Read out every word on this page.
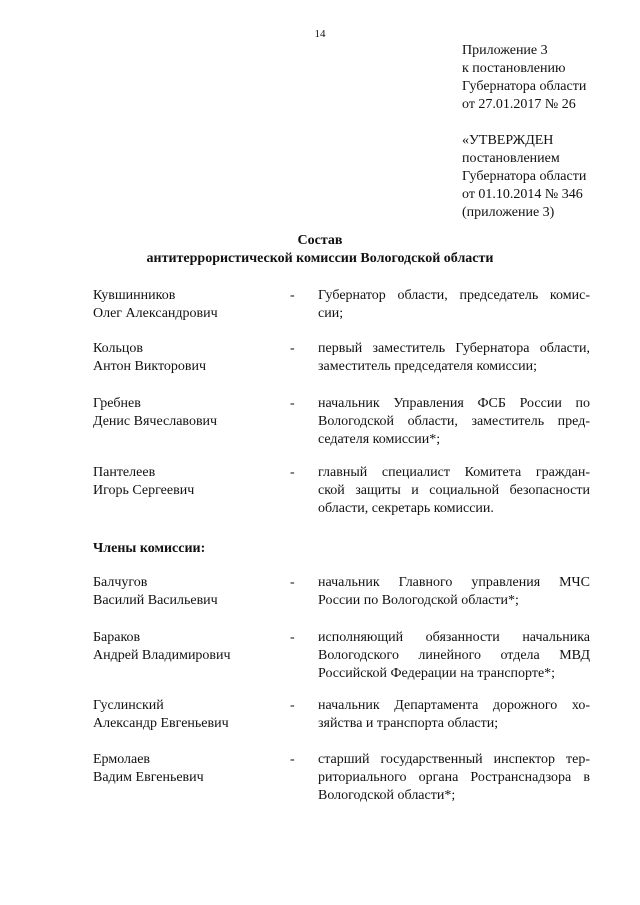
14
Приложение 3
к постановлению
Губернатора области
от 27.01.2017 № 26
«УТВЕРЖДЕН
постановлением
Губернатора области
от 01.10.2014 № 346
(приложение 3)
Состав
антитеррористической комиссии Вологодской области
Кувшинников
Олег Александрович
- Губернатор области, председатель комис-
сии;
Кольцов
Антон Викторович
- первый заместитель Губернатора области,
заместитель председателя комиссии;
Гребнев
Денис Вячеславович
- начальник Управления ФСБ России по
Вологодской области, заместитель пред-
седателя комиссии*;
Пантелеев
Игорь Сергеевич
- главный специалист Комитета граждан-
ской защиты и социальной безопасности
области, секретарь комиссии.
Члены комиссии:
Балчугов
Василий Васильевич
- начальник Главного управления МЧС
России по Вологодской области*;
Бараков
Андрей Владимирович
- исполняющий обязанности начальника
Вологодского линейного отдела МВД
Российской Федерации на транспорте*;
Гуслинский
Александр Евгеньевич
- начальник Департамента дорожного хо-
зяйства и транспорта области;
Ермолаев
Вадим Евгеньевич
- старший государственный инспектор тер-
риториального органа Ространснадзора в
Вологодской области*;
